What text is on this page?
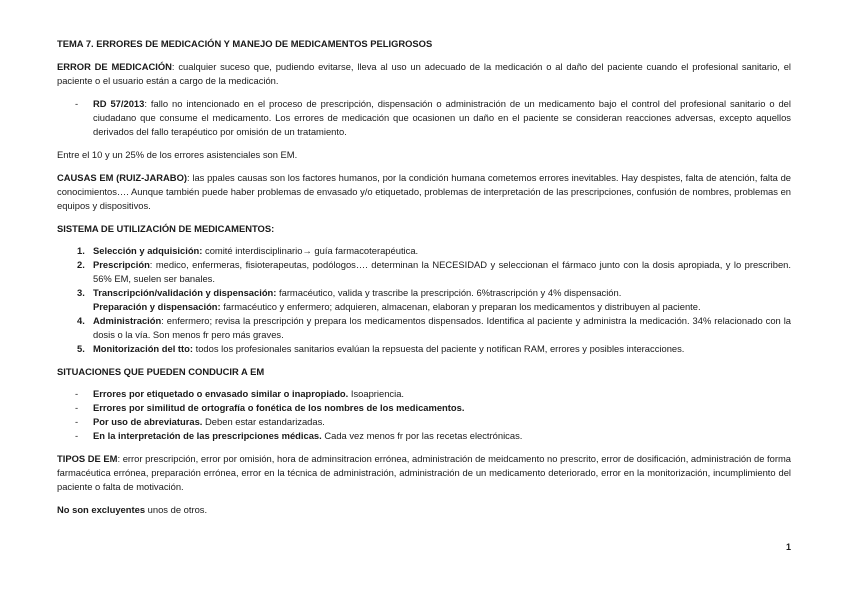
TEMA 7. ERRORES DE MEDICACIÓN Y MANEJO DE MEDICAMENTOS PELIGROSOS

ERROR DE MEDICACIÓN: cualquier suceso que, pudiendo evitarse, lleva al uso un adecuado de la medicación o al daño del paciente cuando el profesional sanitario, el paciente o el usuario están a cargo de la medicación.

- RD 57/2013: fallo no intencionado en el proceso de prescripción, dispensación o administración de un medicamento bajo el control del profesional sanitario o del ciudadano que consume el medicamento. Los errores de medicación que ocasionen un daño en el paciente se consideran reacciones adversas, excepto aquellos derivados del fallo terapéutico por omisión de un tratamiento.

Entre el 10 y un 25% de los errores asistenciales son EM.

CAUSAS EM (RUIZ-JARABO): las ppales causas son los factores humanos, por la condición humana cometemos errores inevitables. Hay despistes, falta de atención, falta de conocimientos…. Aunque también puede haber problemas de envasado y/o etiquetado, problemas de interpretación de las prescripciones, confusión de nombres, problemas en equipos y dispositivos.

SISTEMA DE UTILIZACIÓN DE MEDICAMENTOS:

1. Selección y adquisición: comité interdisciplinario→ guía farmacoterapéutica.
2. Prescripción: medico, enfermeras, fisioterapeutas, podólogos…. determinan la NECESIDAD y seleccionan el fármaco junto con la dosis apropiada, y lo prescriben. 56% EM, suelen ser banales.
3. Transcripción/validación y dispensación: farmacéutico, valida y trascribe la prescripción. 6%trascripción y 4% dispensación.
Preparación y dispensación: farmacéutico y enfermero; adquieren, almacenan, elaboran y preparan los medicamentos y distribuyen al paciente.
4. Administración: enfermero; revisa la prescripción y prepara los medicamentos dispensados. Identifica al paciente y administra la medicación. 34% relacionado con la dosis o la vía. Son menos fr pero más graves.
5. Monitorización del tto: todos los profesionales sanitarios evalúan la repsuesta del paciente y notifican RAM, errores y posibles interacciones.

SITUACIONES QUE PUEDEN CONDUCIR A EM

- Errores por etiquetado o envasado similar o inapropiado. Isoapriencia.
- Errores por similitud de ortografía o fonética de los nombres de los medicamentos.
- Por uso de abreviaturas. Deben estar estandarizadas.
- En la interpretación de las prescripciones médicas. Cada vez menos fr por las recetas electrónicas.

TIPOS DE EM: error prescripción, error por omisión, hora de adminsitracion errónea, administración de meidcamento no prescrito, error de dosificación, administración de forma farmacéutica errónea, preparación errónea, error en la técnica de administración, administración de un medicamento deteriorado, error en la monitorización, incumplimiento del paciente o falta de motivación.

No son excluyentes unos de otros.

1
